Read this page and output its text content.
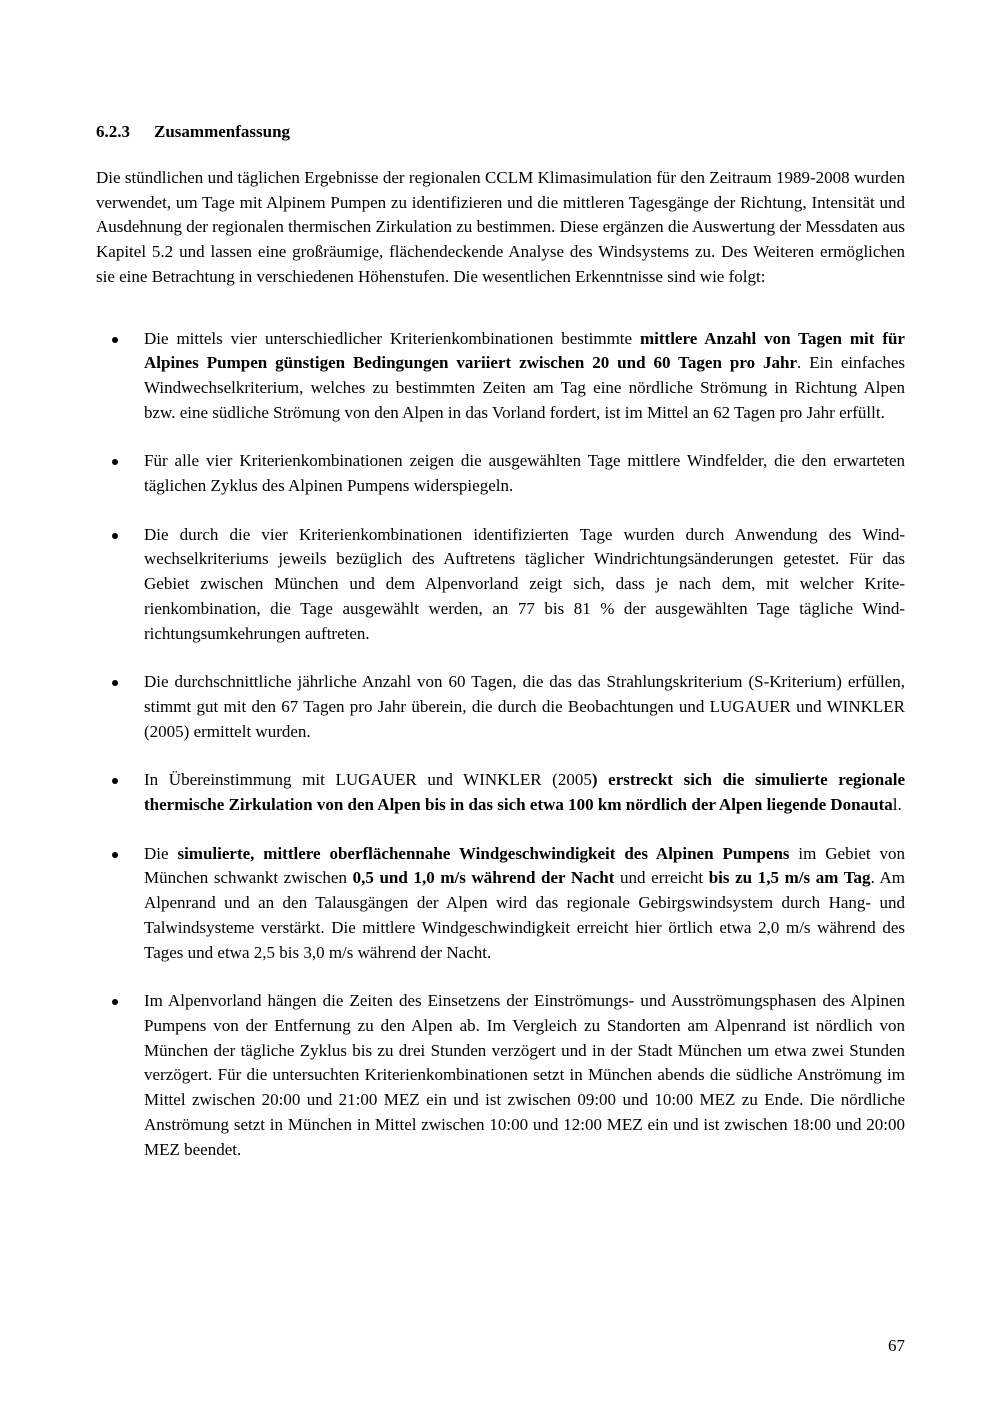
6.2.3 Zusammenfassung

Die stündlichen und täglichen Ergebnisse der regionalen CCLM Klimasimulation für den Zeitraum 1989-2008 wurden verwendet, um Tage mit Alpinem Pumpen zu identifizieren und die mittleren Tagesgänge der Richtung, Intensität und Ausdehnung der regionalen thermischen Zirkulation zu bestimmen. Diese ergänzen die Auswertung der Messdaten aus Kapitel 5.2 und lassen eine großräumige, flächendeckende Analyse des Windsystems zu. Des Weiteren ermöglichen sie eine Betrachtung in verschiedenen Höhenstufen. Die wesentlichen Erkenntnisse sind wie folgt:

Die mittels vier unterschiedlicher Kriterienkombinationen bestimmte mittlere Anzahl von Tagen mit für Alpines Pumpen günstigen Bedingungen variiert zwischen 20 und 60 Tagen pro Jahr. Ein einfaches Windwechselkriterium, welches zu bestimmten Zeiten am Tag eine nördliche Strömung in Richtung Alpen bzw. eine südliche Strömung von den Alpen in das Vorland fordert, ist im Mittel an 62 Tagen pro Jahr erfüllt.

Für alle vier Kriterienkombinationen zeigen die ausgewählten Tage mittlere Windfelder, die den erwarteten täglichen Zyklus des Alpinen Pumpens widerspiegeln.

Die durch die vier Kriterienkombinationen identifizierten Tage wurden durch Anwendung des Windwechselkriteriums jeweils bezüglich des Auftretens täglicher Windrichtungsänderungen getestet. Für das Gebiet zwischen München und dem Alpenvorland zeigt sich, dass je nach dem, mit welcher Kriterienkombination, die Tage ausgewählt werden, an 77 bis 81 % der ausgewählten Tage tägliche Windrichtungsumkehrungen auftreten.

Die durchschnittliche jährliche Anzahl von 60 Tagen, die das das Strahlungskriterium (S-Kriterium) erfüllen, stimmt gut mit den 67 Tagen pro Jahr überein, die durch die Beobachtungen und LUGAUER und WINKLER (2005) ermittelt wurden.

In Übereinstimmung mit LUGAUER und WINKLER (2005) erstreckt sich die simulierte regionale thermische Zirkulation von den Alpen bis in das sich etwa 100 km nördlich der Alpen liegende Donautal.

Die simulierte, mittlere oberflächennahe Windgeschwindigkeit des Alpinen Pumpens im Gebiet von München schwankt zwischen 0,5 und 1,0 m/s während der Nacht und erreicht bis zu 1,5 m/s am Tag. Am Alpenrand und an den Talausgängen der Alpen wird das regionale Gebirgswindsystem durch Hang- und Talwindsysteme verstärkt. Die mittlere Windgeschwindigkeit erreicht hier örtlich etwa 2,0 m/s während des Tages und etwa 2,5 bis 3,0 m/s während der Nacht.

Im Alpenvorland hängen die Zeiten des Einsetzens der Einströmungs- und Ausströmungsphasen des Alpinen Pumpens von der Entfernung zu den Alpen ab. Im Vergleich zu Standorten am Alpenrand ist nördlich von München der tägliche Zyklus bis zu drei Stunden verzögert und in der Stadt München um etwa zwei Stunden verzögert. Für die untersuchten Kriterienkombinationen setzt in München abends die südliche Anströmung im Mittel zwischen 20:00 und 21:00 MEZ ein und ist zwischen 09:00 und 10:00 MEZ zu Ende. Die nördliche Anströmung setzt in München in Mittel zwischen 10:00 und 12:00 MEZ ein und ist zwischen 18:00 und 20:00 MEZ beendet.

67
